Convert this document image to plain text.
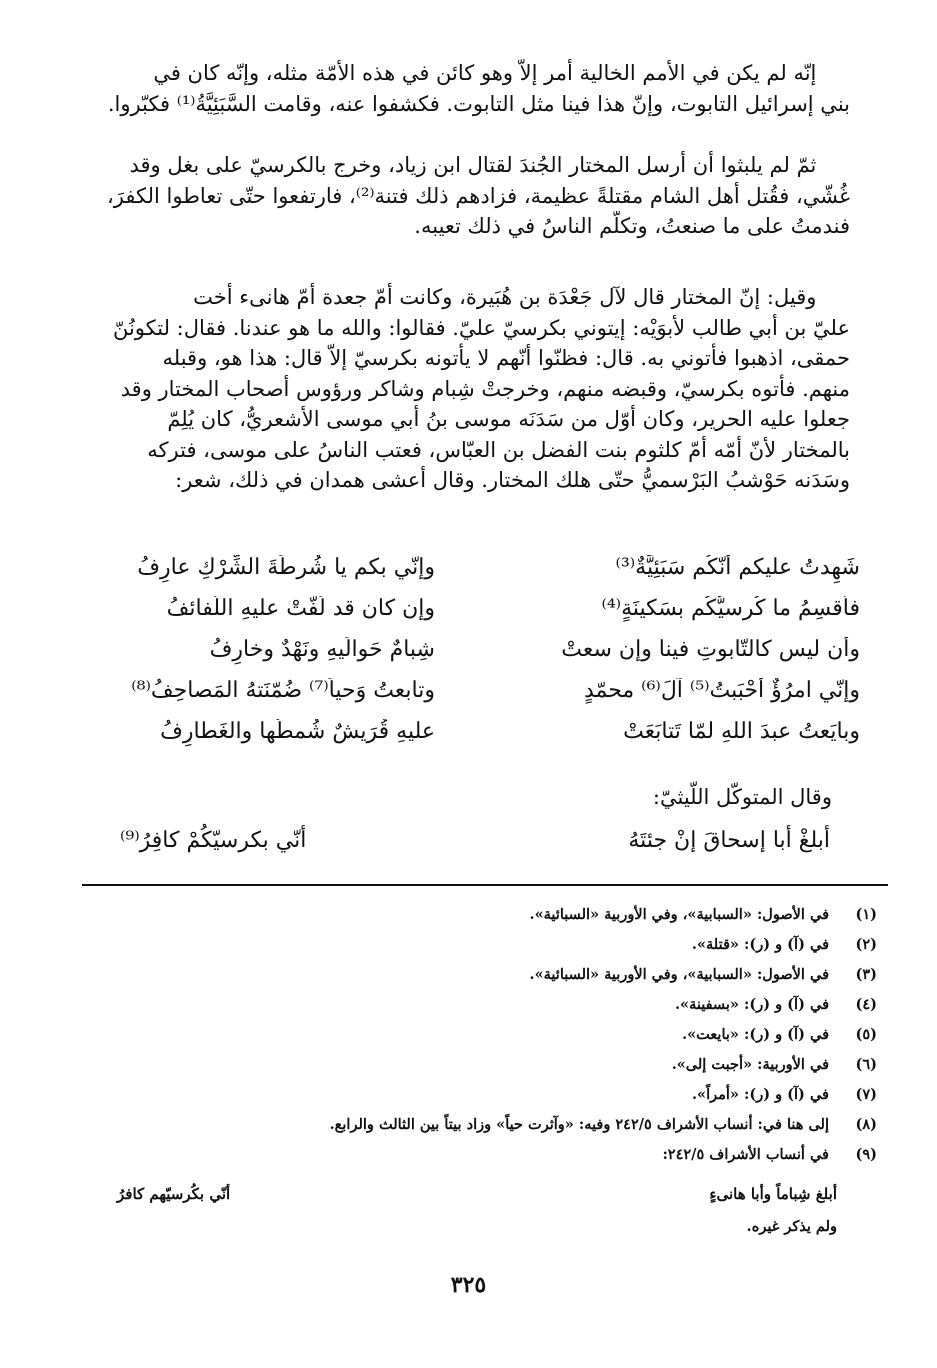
إنّه لم يكن في الأمم الخالية أمر إلاّ وهو كائن في هذه الأمّة مثله، وإنّه كان في

بني إسرائيل التابوت، وإنّ هذا فينا مثل التابوت. فكشفوا عنه، وقامت السَّبَئِيَّةُ⁽¹⁾ فكبّروا.

ثمّ لم يلبثوا أن أرسل المختار الجُندَ لقتال ابن زياد، وخرج بالكرسيّ على بغل وقد

غُشّي، فقُتل أهل الشام مقتلةً عظيمة، فزادهم ذلك فتنة⁽²⁾، فارتفعوا حتّى تعاطوا الكفرَ،
فندمتُ على ما صنعتُ، وتكلّم الناسُ في ذلك تعيبه.

وقيل: إنّ المختار قال لآل جَعْدَة بن هُبَيرة، وكانت أمّ جعدة أمّ هانىء أخت

عليّ بن أبي طالب لأبوَيْه: إيتوني بكرسيّ عليّ. فقالوا: والله ما هو عندنا. فقال: لتكونُنّ
حمقى، اذهبوا فأتوني به. قال: فظنّوا أنّهم لا يأتونه بكرسيّ إلاّ قال: هذا هو، وقبله
منهم. فأتوه بكرسيّ، وقبضه منهم، وخرجتْ شِبام وشاكر ورؤوس أصحاب المختار وقد
جعلوا عليه الحرير، وكان أوّل من سَدَنَه موسى بنُ أبي موسى الأشعريُّ، كان يُلِمّ
بالمختار لأنّ أمّه أمّ كلثوم بنت الفضل بن العبّاس، فعتب الناسُ على موسى، فتركه
وسَدَنه حَوْشبُ البَرْسميُّ حتّى هلك المختار. وقال أعشى همدان في ذلك، شعر:
شَهِدتُ عليكم أنّكُم سَبَئِيَّةٌ⁽³⁾
وإنّي بكم يا شُرطَةَ الشِّرْكِ عارِفُ
فأُقسِمُ ما كُرسيُّكُم بسَكينَةٍ⁽⁴⁾
وإن كان قد لُفّتْ عليهِ اللّفائفُ
وأن ليس كالتّابوتِ فينا وإن سعتْ
شِبامٌ حَوالَيهِ ونَهْدٌ وخارِفُ
وإنّي امرُؤٌ أحْبَبتُ⁽⁵⁾ آلَ⁽⁶⁾ محمّدٍ
وتابعتُ وَحياً⁽⁷⁾ ضُمّنَتهُ المَصاحِفُ⁽⁸⁾
وبايَعتُ عبدَ اللهِ لمّا تَتابَعَتْ
عليهِ قُرَيشٌ شُمطُها والغَطارِفُ
وقال المتوكّل اللّيثيّ:
أبلغْ أبا إسحاقَ إنْ جئتَهُ
أنّي بكرسيّكُمْ كافِرُ⁽⁹⁾
(١)
في الأصول: «السبابية»، وفي الأوربية «السبائية».
(٢)
في (آ) و (ر): «قتلة».
(٣)
في الأصول: «السبابية»، وفي الأوربية «السبائية».
(٤)
في (آ) و (ر): «بسفينة».
(٥)
في (آ) و (ر): «بايعت».
(٦)
في الأوربية: «أجبت إلى».
(٧)
في (آ) و (ر): «أمراً».
(٨)
إلى هنا في: أنساب الأشراف ٢٤٢/٥ وفيه: «وآثرت حياً» وزاد بيتاً بين الثالث والرابع.
(٩)
في أنساب الأشراف ٢٤٢/٥:
أبلغ شِباماً وأبا هانىءٍ
أنّي بكُرسيّهم كافرُ
ولم يذكر غيره.
٣٢٥
